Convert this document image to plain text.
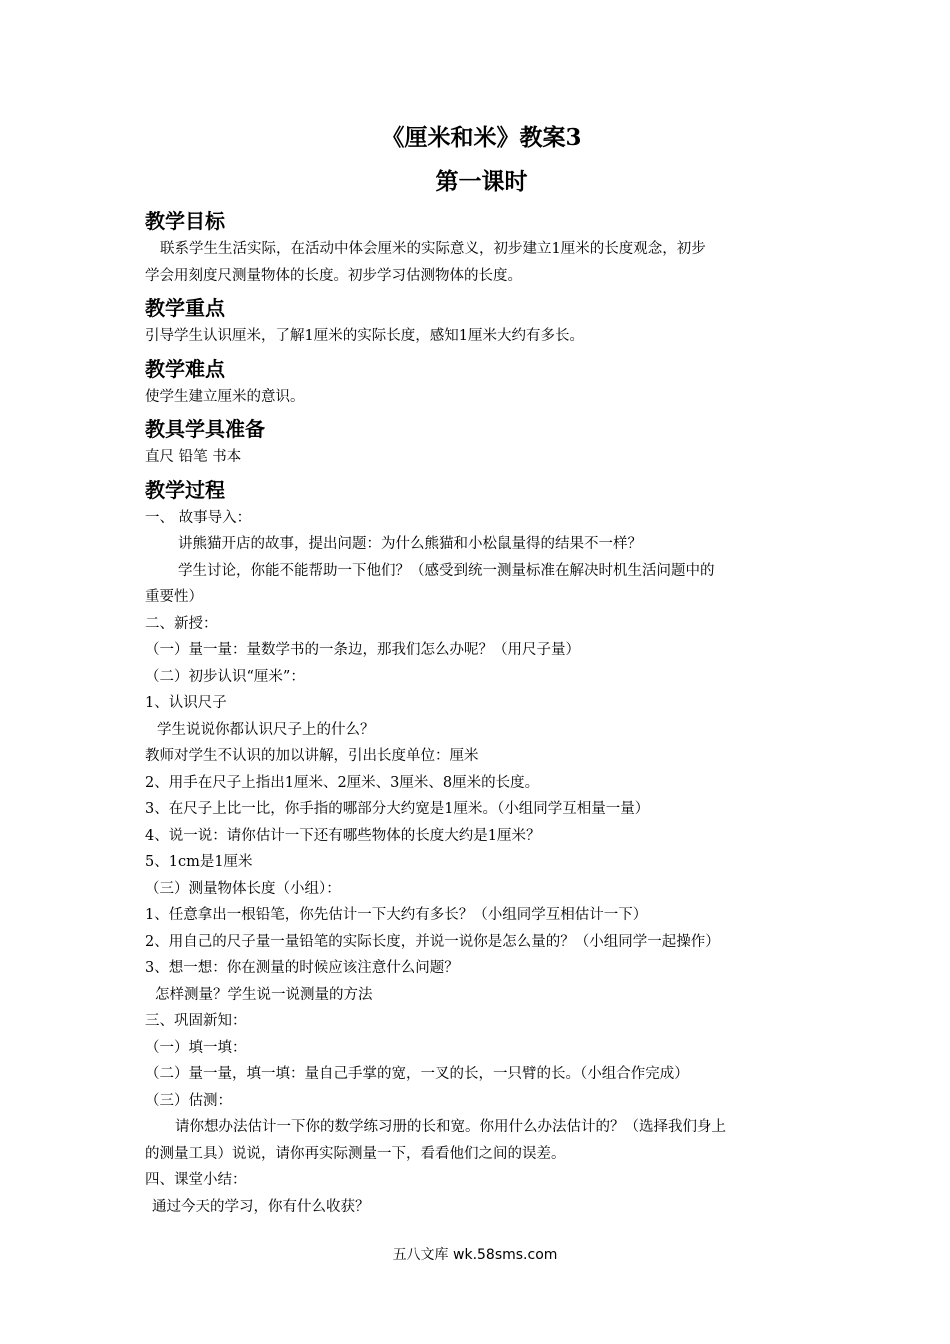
《厘米和米》教案3
第一课时
教学目标

联系学生生活实际，在活动中体会厘米的实际意义，初步建立1厘米的长度观念，初步

学会用刻度尺测量物体的长度。初步学习估测物体的长度。

教学重点

引导学生认识厘米，了解1厘米的实际长度，感知1厘米大约有多长。

教学难点

使学生建立厘米的意识。

教具学具准备

直尺 铅笔 书本

教学过程

一、 故事导入：

讲熊猫开店的故事，提出问题：为什么熊猫和小松鼠量得的结果不一样？

学生讨论，你能不能帮助一下他们？（感受到统一测量标准在解决时机生活问题中的

重要性）

二、新授：

（一）量一量：量数学书的一条边，那我们怎么办呢？（用尺子量）

（二）初步认识“厘米”：

1、认识尺子

学生说说你都认识尺子上的什么？

教师对学生不认识的加以讲解，引出长度单位：厘米

2、用手在尺子上指出1厘米、2厘米、3厘米、8厘米的长度。

3、在尺子上比一比，你手指的哪部分大约宽是1厘米。（小组同学互相量一量）

4、说一说：请你估计一下还有哪些物体的长度大约是1厘米？

5、1cm是1厘米

（三）测量物体长度（小组）：

1、任意拿出一根铅笔，你先估计一下大约有多长？（小组同学互相估计一下）

2、用自己的尺子量一量铅笔的实际长度，并说一说你是怎么量的？（小组同学一起操作）

3、想一想：你在测量的时候应该注意什么问题？

怎样测量？学生说一说测量的方法

三、巩固新知：

（一）填一填：

（二）量一量，填一填：量自己手掌的宽，一叉的长，一只臂的长。（小组合作完成）

（三）估测：

请你想办法估计一下你的数学练习册的长和宽。你用什么办法估计的？（选择我们身上

的测量工具）说说，请你再实际测量一下，看看他们之间的误差。

四、课堂小结：

通过今天的学习，你有什么收获？

五八文库 wk.58sms.com
